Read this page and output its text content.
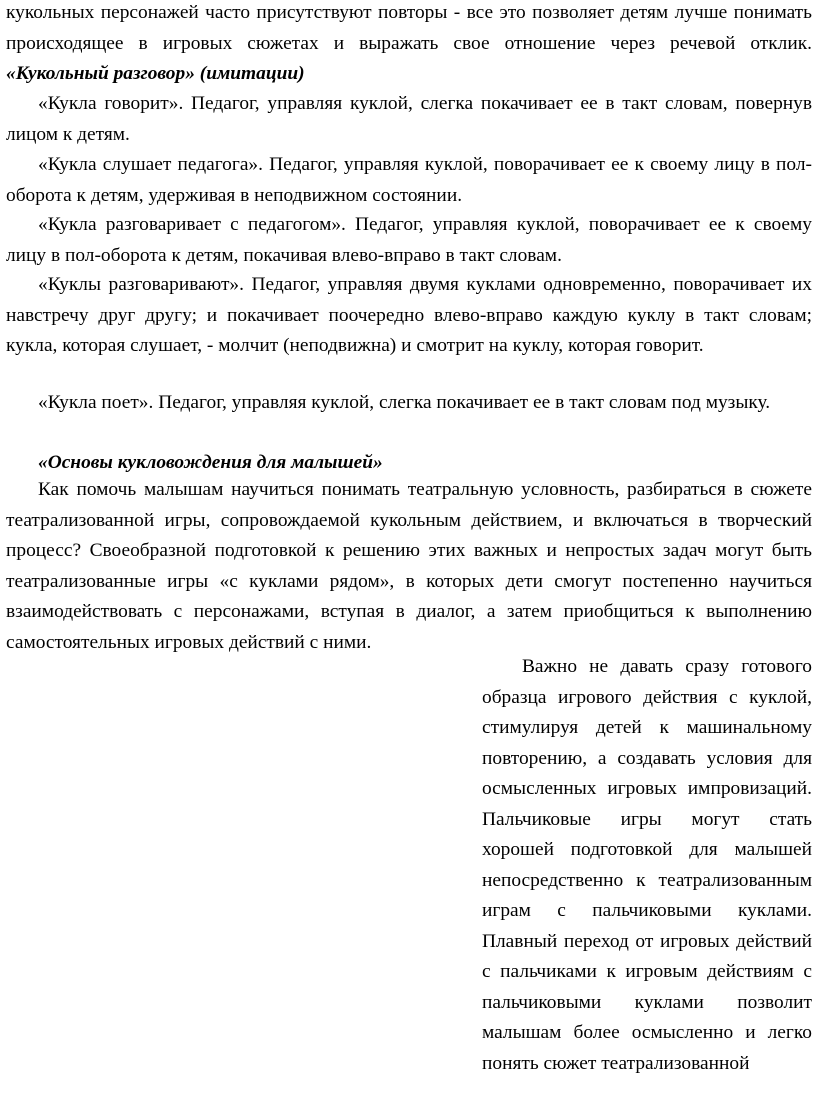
кукольных персонажей часто присутствуют повторы - все это позволяет детям лучше понимать происходящее в игровых сюжетах и выражать свое отношение через речевой отклик. «Кукольный разговор» (имитации)

«Кукла говорит». Педагог, управляя куклой, слегка покачивает ее в такт словам, повернув лицом к детям.

«Кукла слушает педагога». Педагог, управляя куклой, поворачивает ее к своему лицу в пол-оборота к детям, удерживая в неподвижном состоянии.

«Кукла разговаривает с педагогом». Педагог, управляя куклой, поворачивает ее к своему лицу в пол-оборота к детям, покачивая влево-вправо в такт словам.

«Куклы разговаривают». Педагог, управляя двумя куклами одновременно, поворачивает их навстречу друг другу; и покачивает поочередно влево-вправо каждую куклу в такт словам; кукла, которая слушает, - молчит (неподвижна) и смотрит на куклу, которая говорит.

«Кукла поет». Педагог, управляя куклой, слегка покачивает ее в такт словам под музыку.

«Основы кукловождения для малышей»

Как помочь малышам научиться понимать театральную условность, разбираться в сюжете театрализованной игры, сопровождаемой кукольным действием, и включаться в творческий процесс? Своеобразной подготовкой к решению этих важных и непростых задач могут быть театрализованные игры «с куклами рядом», в которых дети смогут постепенно научиться взаимодействовать с персонажами, вступая в диалог, а затем приобщиться к выполнению самостоятельных игровых действий с ними.

Важно не давать сразу готового образца игрового действия с куклой, стимулируя детей к машинальному повторению, а создавать условия для осмысленных игровых импровизаций. Пальчиковые игры могут стать хорошей подготовкой для малышей непосредственно к театрализованным играм с пальчиковыми куклами. Плавный переход от игровых действий с пальчиками к игровым действиям с пальчиковыми куклами позволит малышам более осмысленно и легко понять сюжет театрализованной
